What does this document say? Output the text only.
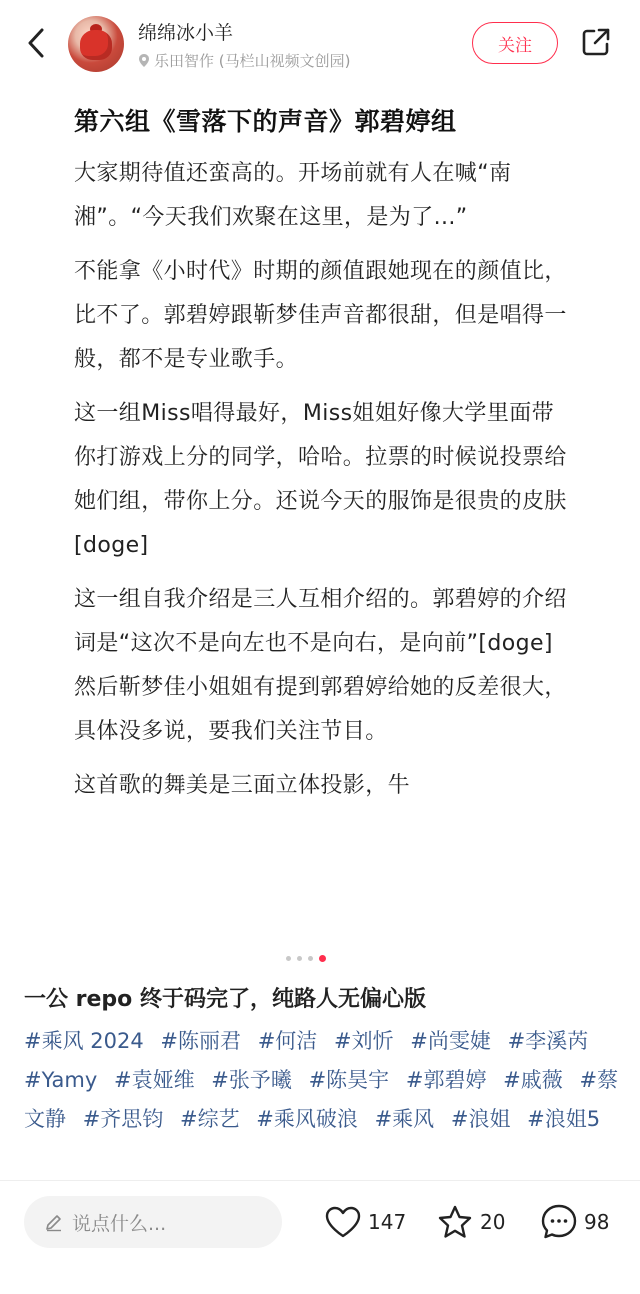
绵绵冰小羊
乐田智作 (马栏山视频文创园)
关注
第六组《雪落下的声音》郭碧婷组

大家期待值还蛮高的。开场前就有人在喊“南湘”。“今天我们欢聚在这里，是为了...”

不能拿《小时代》时期的颜值跟她现在的颜值比，比不了。郭碧婷跟靳梦佳声音都很甜，但是唱得一般，都不是专业歌手。

这一组Miss唱得最好，Miss姐姐好像大学里面带你打游戏上分的同学，哈哈。拉票的时候说投票给她们组，带你上分。还说今天的服饰是很贵的皮肤[doge]

这一组自我介绍是三人互相介绍的。郭碧婷的介绍词是“这次不是向左也不是向右，是向前”[doge]然后靳梦佳小姐姐有提到郭碧婷给她的反差很大，具体没多说，要我们关注节目。

这首歌的舞美是三面立体投影，牛

一公 repo 终于码完了，纯路人无偏心版
#乘风 2024 #陈丽君 #何洁 #刘忻 #尚雯婕 #李溪芮 #Yamy #袁娅维 #张予曦 #陈昊宇 #郭碧婷 #戚薇 #蔡文静 #齐思钧 #综艺 #乘风破浪 #乘风 #浪姐 #浪姐5
说点什么...	147	20	98
